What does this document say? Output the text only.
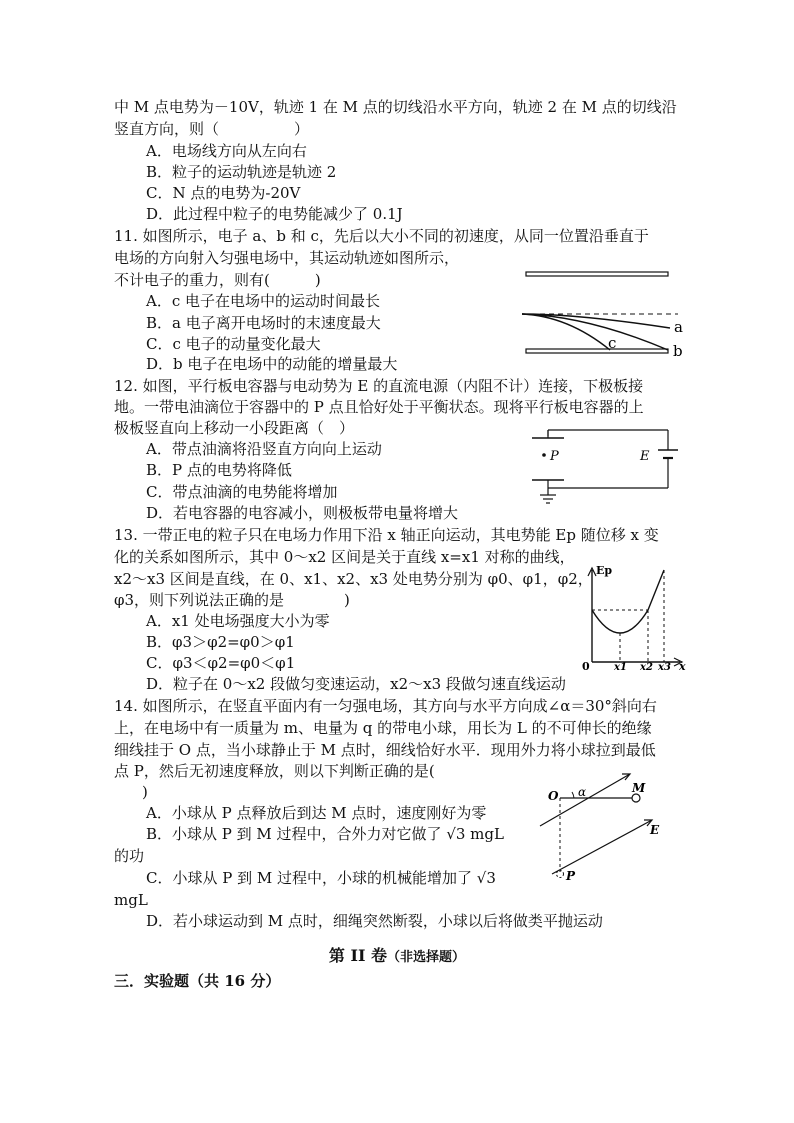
中 M 点电势为－10V，轨迹 1 在 M 点的切线沿水平方向，轨迹 2 在 M 点的切线沿
竖直方向，则（　　　　　）
A．电场线方向从左向右
B．粒子的运动轨迹是轨迹 2
C．N 点的电势为-20V
D．此过程中粒子的电势能减少了 0.1J
11. 如图所示，电子 a、b 和 c，先后以大小不同的初速度，从同一位置沿垂直于
电场的方向射入匀强电场中，其运动轨迹如图所示，
不计电子的重力，则有(　　　)
A．c 电子在电场中的运动时间最长
B．a 电子离开电场时的末速度最大
C．c 电子的动量变化最大
D．b 电子在电场中的动能的增量最大
12. 如图，平行板电容器与电动势为 E 的直流电源（内阻不计）连接，下极板接
地。一带电油滴位于容器中的 P 点且恰好处于平衡状态。现将平行板电容器的上
极板竖直向上移动一小段距离（　）
A．带点油滴将沿竖直方向向上运动
B．P 点的电势将降低
C．带点油滴的电势能将增加
D．若电容器的电容减小，则极板带电量将增大
13. 一带正电的粒子只在电场力作用下沿 x 轴正向运动，其电势能 Ep 随位移 x 变
化的关系如图所示，其中 0～x2 区间是关于直线 x=x1 对称的曲线，
x2～x3 区间是直线，在 0、x1、x2、x3 处电势分别为 φ0、φ1，φ2，
φ3，则下列说法正确的是　　　　)
A．x1 处电场强度大小为零
B．φ3＞φ2=φ0＞φ1
C．φ3＜φ2=φ0＜φ1
D．粒子在 0～x2 段做匀变速运动，x2～x3 段做匀速直线运动
14. 如图所示，在竖直平面内有一匀强电场，其方向与水平方向成∠α＝30°斜向右
上，在电场中有一质量为 m、电量为 q 的带电小球，用长为 L 的不可伸长的绝缘
细线挂于 O 点，当小球静止于 M 点时，细线恰好水平．现用外力将小球拉到最低
点 P，然后无初速度释放，则以下判断正确的是(
)
A．小球从 P 点释放后到达 M 点时，速度刚好为零
B．小球从 P 到 M 过程中，合外力对它做了 √3 mgL
的功
C．小球从 P 到 M 过程中，小球的机械能增加了 √3
mgL
D．若小球运动到 M 点时，细绳突然断裂，小球以后将做类平抛运动
第 II 卷（非选择题）
三．实验题（共 16 分）
a
b
c
P	E
Ep
x
0 x1 x2 x3
O α	M
E
P
